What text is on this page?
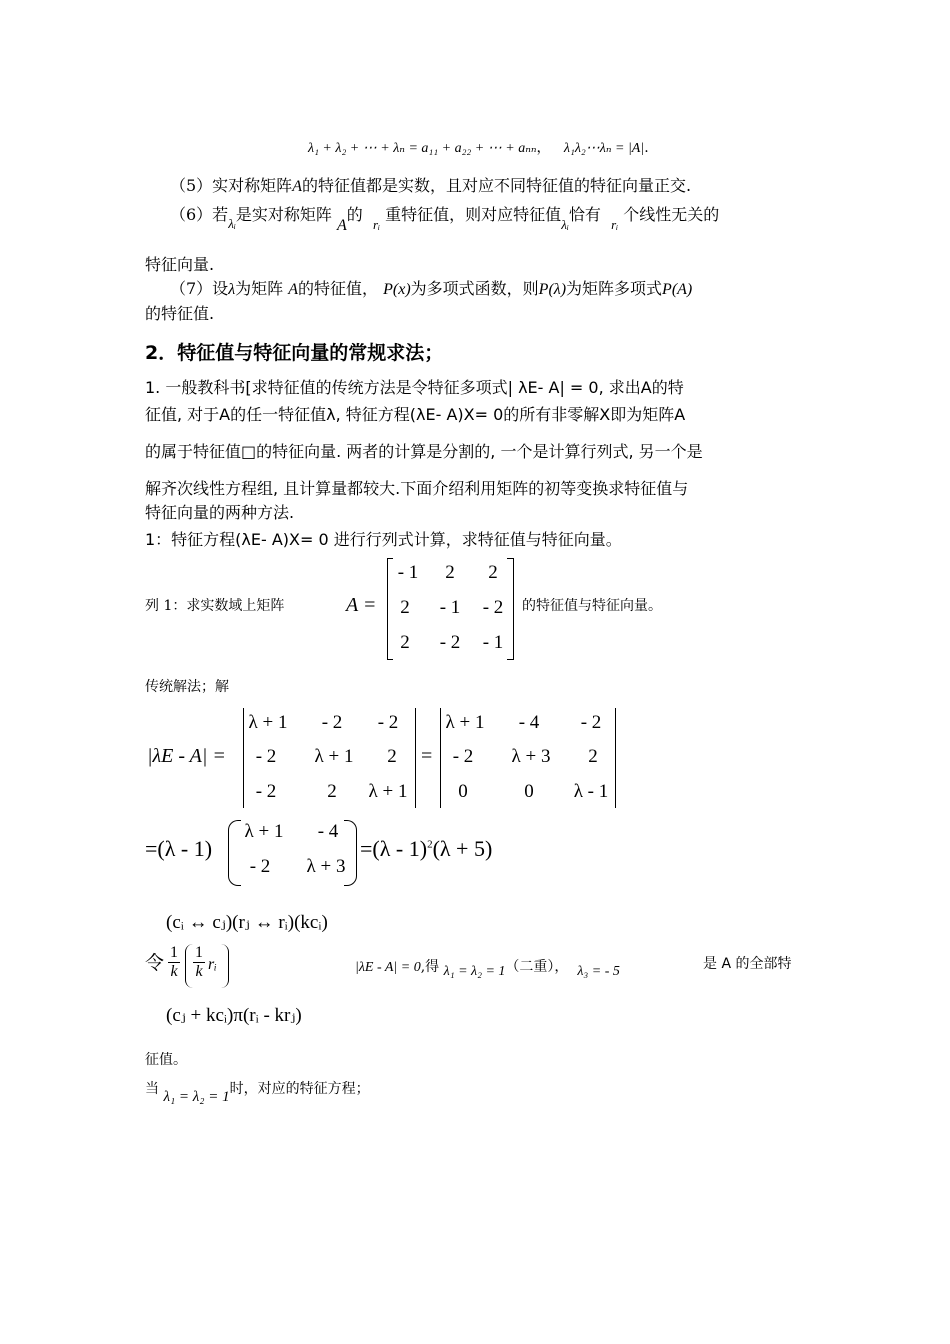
λ₁ + λ₂ + ⋯ + λₙ = a₁₁ + a₂₂ + ⋯ + aₙₙ， λ₁λ₂⋯λₙ = |A|.
（5）实对称矩阵A的特征值都是实数，且对应不同特征值的特征向量正交.
（6）若$_{\lambda ᵢ}$是实对称矩阵 A的  $_{rᵢ}$ 重特征值，则对应特征值$_{\lambda ᵢ}$恰有  $_{rᵢ}$ 个线性无关的
特征向量.
（7）设λ为矩阵 A的特征值， P(x)为多项式函数，则P(λ)为矩阵多项式P(A)
的特征值.
2．特征值与特征向量的常规求法；
1. 一般教科书[求特征值的传统方法是令特征多项式| λE- A| = 0, 求出A的特
征值, 对于A的任一特征值λ, 特征方程(λE- A)X= 0的所有非零解X即为矩阵A
的属于特征值□的特征向量. 两者的计算是分割的, 一个是计算行列式, 另一个是
解齐次线性方程组, 且计算量都较大.下面介绍利用矩阵的初等变换求特征值与
特征向量的两种方法.
1：特征方程(λE- A)X= 0 进行行列式计算，求特征值与特征向量。
列 1：求实数域上矩阵	A =
- 1	2	2
2	- 1	- 2
2	- 2	- 1
的特征值与特征向量。
传统解法；解
|λE - A| =
λ + 1	- 2	- 2
- 2	λ + 1	2
- 2	2	λ + 1
=
λ + 1	- 4	- 2
- 2	λ + 3	2
0	0	λ - 1
=(λ - 1)
λ + 1	- 4
- 2	λ + 3
=(λ - 1)$^2$(λ + 5)
(cᵢ ↔ cⱼ)(rⱼ ↔ rᵢ)(kcᵢ)
令 $\frac{1}{k} \frac{1}{k}$ rᵢ
(cⱼ + kcᵢ)π(rᵢ - krⱼ)
|λE - A| = 0,得 λ₁ = λ₂ = 1（二重）， λ₃ = - 5	是 A 的全部特
征值。
当 λ₁ = λ₂ = 1时，对应的特征方程；
